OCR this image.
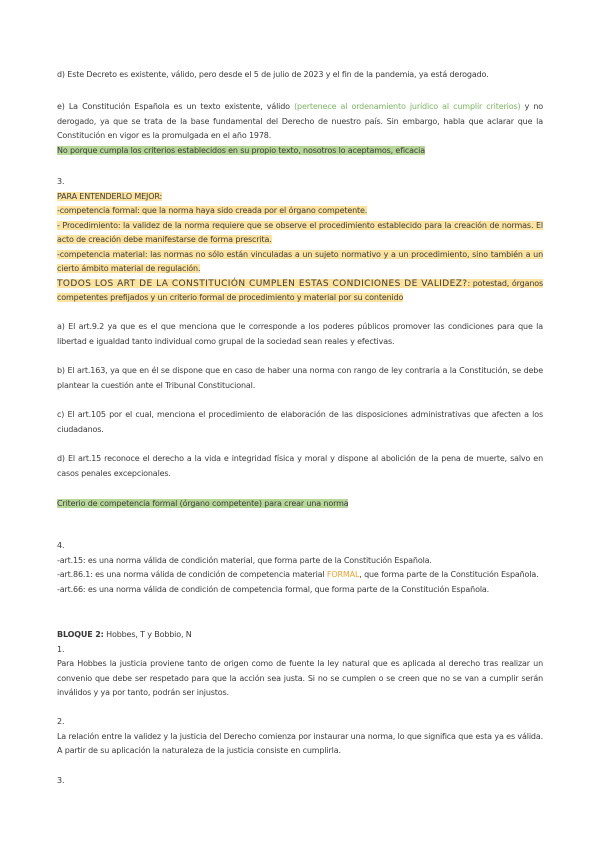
d) Este Decreto es existente, válido, pero desde el 5 de julio de 2023 y el fin de la pandemia, ya está derogado.
e) La Constitución Española es un texto existente, válido (pertenece al ordenamiento jurídico al cumplir criterios) y no derogado, ya que se trata de la base fundamental del Derecho de nuestro país. Sin embargo, habla que aclarar que la Constitución en vigor es la promulgada en el año 1978.
No porque cumpla los criterios establecidos en su propio texto, nosotros lo aceptamos, eficacia
3.
PARA ENTENDERLO MEJOR:
-competencia formal: que la norma haya sido creada por el órgano competente.
- Procedimiento: la validez de la norma requiere que se observe el procedimiento establecido para la creación de normas. El acto de creación debe manifestarse de forma prescrita.
-competencia material: las normas no sólo están vinculadas a un sujeto normativo y a un procedimiento, sino también a un cierto ámbito material de regulación.
TODOS LOS ART DE LA CONSTITUCIÓN CUMPLEN ESTAS CONDICIONES DE VALIDEZ?: potestad, órganos competentes prefijados y un criterio formal de procedimiento y material por su contenido
a) El art.9.2 ya que es el que menciona que le corresponde a los poderes públicos promover las condiciones para que la libertad e igualdad tanto individual como grupal de la sociedad sean reales y efectivas.
b) El art.163, ya que en él se dispone que en caso de haber una norma con rango de ley contraria a la Constitución, se debe plantear la cuestión ante el Tribunal Constitucional.
c) El art.105 por el cual, menciona el procedimiento de elaboración de las disposiciones administrativas que afecten a los ciudadanos.
d) El art.15 reconoce el derecho a la vida e integridad física y moral y dispone al abolición de la pena de muerte, salvo en casos penales excepcionales.
Criterio de competencia formal (órgano competente) para crear una norma
4.
-art.15: es una norma válida de condición material, que forma parte de la Constitución Española.
-art.86.1: es una norma válida de condición de competencia material FORMAL, que forma parte de la Constitución Española.
-art.66: es una norma válida de condición de competencia formal, que forma parte de la Constitución Española.
BLOQUE 2: Hobbes, T y Bobbio, N
1.
Para Hobbes la justicia proviene tanto de origen como de fuente la ley natural que es aplicada al derecho tras realizar un convenio que debe ser respetado para que la acción sea justa. Si no se cumplen o se creen que no se van a cumplir serán inválidos y ya por tanto, podrán ser injustos.
2.
La relación entre la validez y la justicia del Derecho comienza por instaurar una norma, lo que significa que esta ya es válida. A partir de su aplicación la naturaleza de la justicia consiste en cumplirla.
3.
